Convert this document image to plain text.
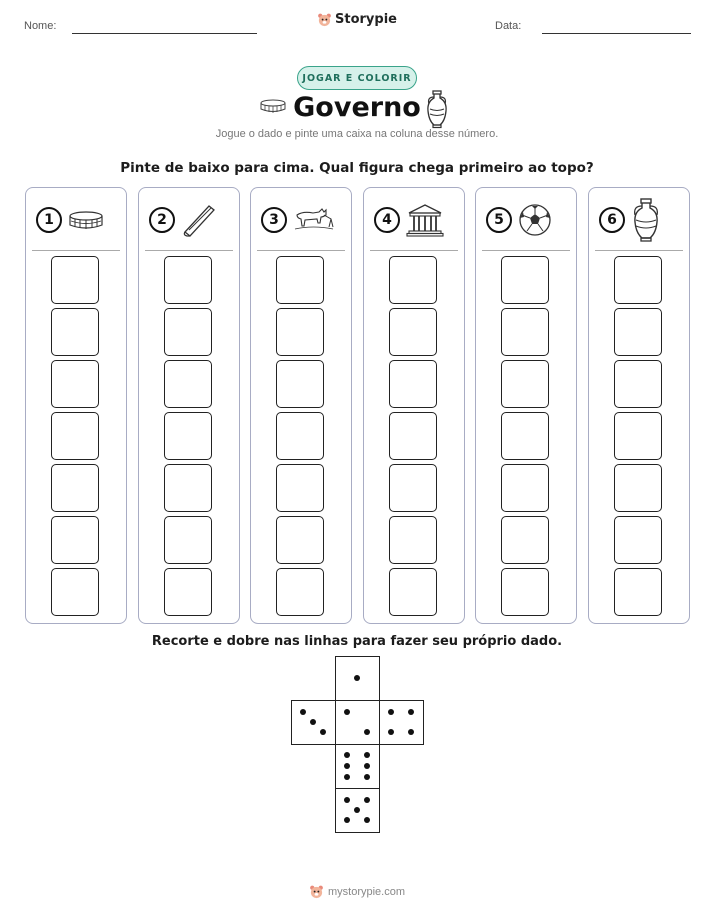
Nome:	Storypie	Data:
JOGAR E COLORIR
Governo
Jogue o dado e pinte uma caixa na coluna desse número.
Pinte de baixo para cima. Qual figura chega primeiro ao topo?
1	2	3	4	5	6
Recorte e dobre nas linhas para fazer seu próprio dado.
mystorypie.com
